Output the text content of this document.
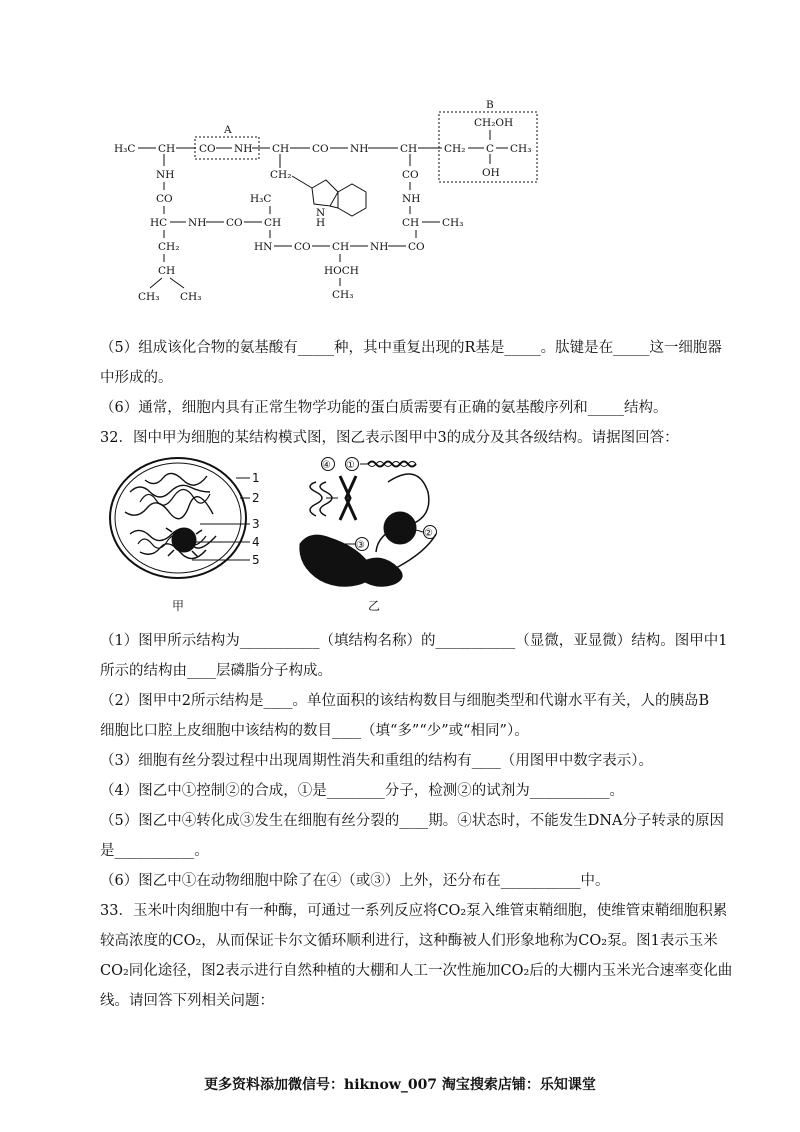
A
B
H₃C CH CO NH CH CO NH	CH	CH₂ C CH₃
CH₂OH
OH
CH₂
N
H
NH
CO
HC
CH₂
CH
CH₃ CH₃
NH CO CH
H₃C
HN CO CH NH CO
HOCH
CH₃
CO
NH
CH CH₃
（5）组成该化合物的氨基酸有_____种，其中重复出现的R基是_____。肽键是在_____这一细胞器
中形成的。
（6）通常，细胞内具有正常生物学功能的蛋白质需要有正确的氨基酸序列和_____结构。
32．图中甲为细胞的某结构模式图，图乙表示图甲中3的成分及其各级结构。请据图回答：
1
2
3
4
5
甲
④ ①
②
③
乙
（1）图甲所示结构为___________（填结构名称）的___________（显微，亚显微）结构。图甲中1
所示的结构由____层磷脂分子构成。
（2）图甲中2所示结构是____。单位面积的该结构数目与细胞类型和代谢水平有关，人的胰岛B
细胞比口腔上皮细胞中该结构的数目____（填“多”“少”或“相同”）。
（3）细胞有丝分裂过程中出现周期性消失和重组的结构有____（用图甲中数字表示）。
（4）图乙中①控制②的合成，①是________分子，检测②的试剂为___________。
（5）图乙中④转化成③发生在细胞有丝分裂的____期。④状态时，不能发生DNA分子转录的原因
是___________。
（6）图乙中①在动物细胞中除了在④（或③）上外，还分布在___________中。
33．玉米叶肉细胞中有一种酶，可通过一系列反应将CO₂泵入维管束鞘细胞，使维管束鞘细胞积累
较高浓度的CO₂，从而保证卡尔文循环顺利进行，这种酶被人们形象地称为CO₂泵。图1表示玉米
CO₂同化途径，图2表示进行自然种植的大棚和人工一次性施加CO₂后的大棚内玉米光合速率变化曲
线。请回答下列相关问题：
更多资料添加微信号：hiknow_007 淘宝搜索店铺：乐知课堂
